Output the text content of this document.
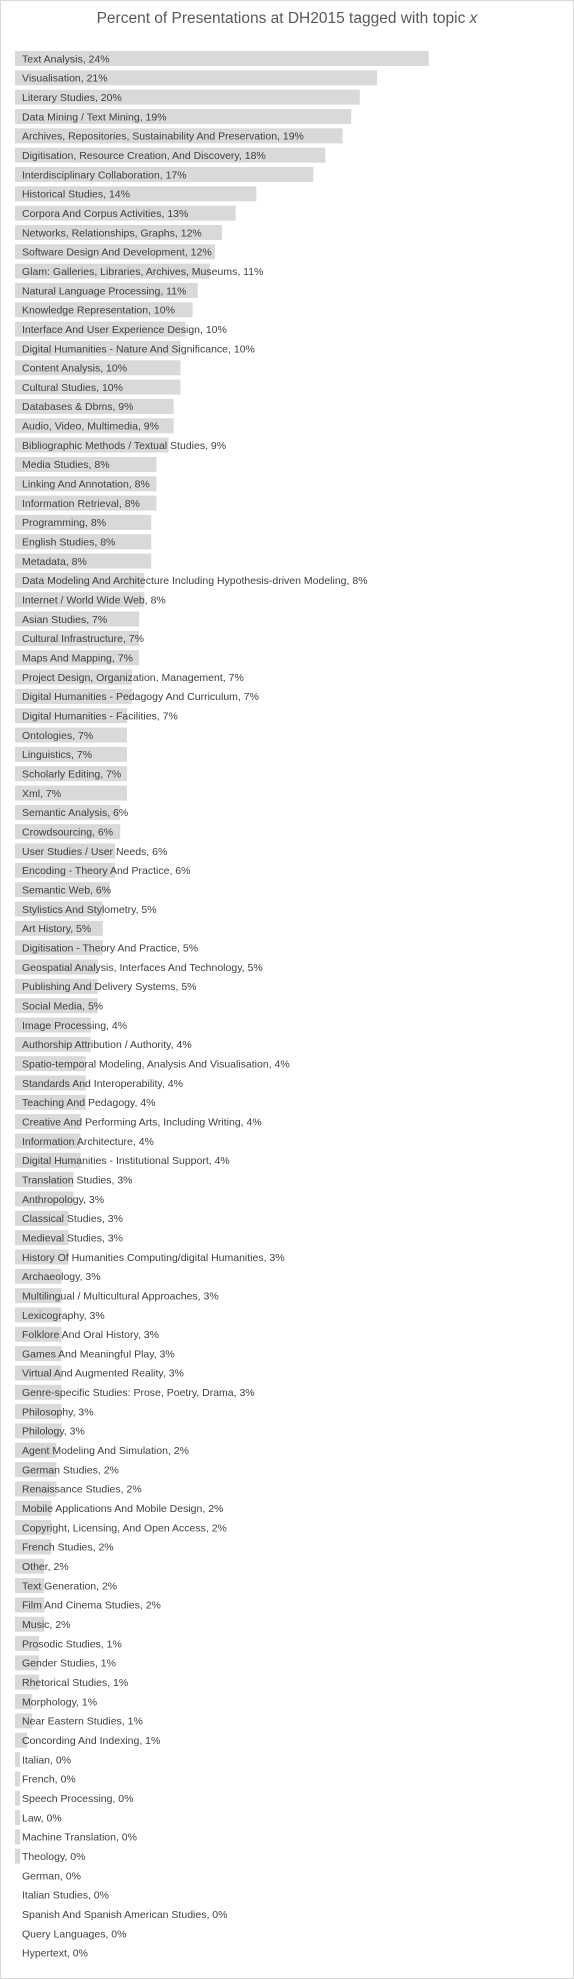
Percent of Presentations at DH2015 tagged with topic x
Text Analysis, 24%
Visualisation, 21%
Literary Studies, 20%
Data Mining / Text Mining, 19%
Archives, Repositories, Sustainability And Preservation, 19%
Digitisation, Resource Creation, And Discovery, 18%
Interdisciplinary Collaboration, 17%
Historical Studies, 14%
Corpora And Corpus Activities, 13%
Networks, Relationships, Graphs, 12%
Software Design And Development, 12%
Glam: Galleries, Libraries, Archives, Museums, 11%
Natural Language Processing, 11%
Knowledge Representation, 10%
Interface And User Experience Design, 10%
Digital Humanities - Nature And Significance, 10%
Content Analysis, 10%
Cultural Studies, 10%
Databases & Dbms, 9%
Audio, Video, Multimedia, 9%
Bibliographic Methods / Textual Studies, 9%
Media Studies, 8%
Linking And Annotation, 8%
Information Retrieval, 8%
Programming, 8%
English Studies, 8%
Metadata, 8%
Data Modeling And Architecture Including Hypothesis-driven Modeling, 8%
Internet / World Wide Web, 8%
Asian Studies, 7%
Cultural Infrastructure, 7%
Maps And Mapping, 7%
Project Design, Organization, Management, 7%
Digital Humanities - Pedagogy And Curriculum, 7%
Digital Humanities - Facilities, 7%
Ontologies, 7%
Linguistics, 7%
Scholarly Editing, 7%
Xml, 7%
Semantic Analysis, 6%
Crowdsourcing, 6%
User Studies / User Needs, 6%
Encoding - Theory And Practice, 6%
Semantic Web, 6%
Stylistics And Stylometry, 5%
Art History, 5%
Digitisation - Theory And Practice, 5%
Geospatial Analysis, Interfaces And Technology, 5%
Publishing And Delivery Systems, 5%
Social Media, 5%
Image Processing, 4%
Authorship Attribution / Authority, 4%
Spatio-temporal Modeling, Analysis And Visualisation, 4%
Standards And Interoperability, 4%
Teaching And Pedagogy, 4%
Creative And Performing Arts, Including Writing, 4%
Information Architecture, 4%
Digital Humanities - Institutional Support, 4%
Translation Studies, 3%
Anthropology, 3%
Classical Studies, 3%
Medieval Studies, 3%
History Of Humanities Computing/digital Humanities, 3%
Archaeology, 3%
Multilingual / Multicultural Approaches, 3%
Lexicography, 3%
Folklore And Oral History, 3%
Games And Meaningful Play, 3%
Virtual And Augmented Reality, 3%
Genre-specific Studies: Prose, Poetry, Drama, 3%
Philosophy, 3%
Philology, 3%
Agent Modeling And Simulation, 2%
German Studies, 2%
Renaissance Studies, 2%
Mobile Applications And Mobile Design, 2%
Copyright, Licensing, And Open Access, 2%
French Studies, 2%
Other, 2%
Text Generation, 2%
Film And Cinema Studies, 2%
Music, 2%
Prosodic Studies, 1%
Gender Studies, 1%
Rhetorical Studies, 1%
Morphology, 1%
Near Eastern Studies, 1%
Concording And Indexing, 1%
Italian, 0%
French, 0%
Speech Processing, 0%
Law, 0%
Machine Translation, 0%
Theology, 0%
German, 0%
Italian Studies, 0%
Spanish And Spanish American Studies, 0%
Query Languages, 0%
Hypertext, 0%
